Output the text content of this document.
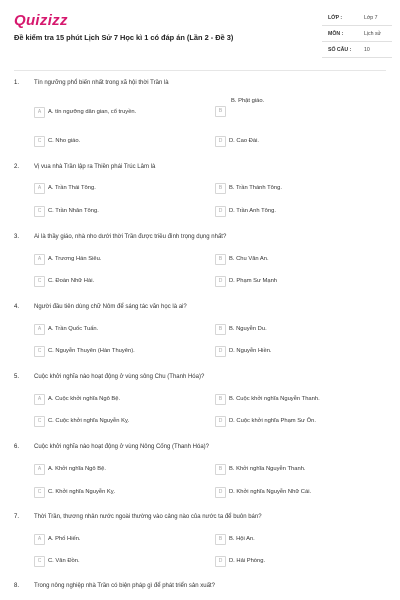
Quizizz
Đề kiểm tra 15 phút Lịch Sử 7 Học kì 1 có đáp án (Lần 2 - Đề 3)
LỚP :	Lớp 7
MÔN :	Lịch sử
SỐ CÂU : 10
1. Tín ngưỡng phổ biến nhất trong xã hội thời Trần là
A	A. tín ngưỡng dân gian, cổ truyền.	B
B. Phật giáo.
C	C. Nho giáo.	D	D. Cao Đài.
2. Vị vua nhà Trần lập ra Thiền phái Trúc Lâm là
A	A. Trần Thái Tông.	B	B. Trần Thánh Tông.
C	C. Trần Nhân Tông.	D	D. Trần Anh Tông.
3. Ai là thầy giáo, nhà nho dưới thời Trần được triều đình trọng dụng nhất?
A	A. Trương Hán Siêu.	B	B. Chu Văn An.
C	C. Đoàn Nhữ Hài.	D	D. Phạm Sư Mạnh
4. Người đầu tiên dùng chữ Nôm để sáng tác văn học là ai?
A	A. Trần Quốc Tuấn.	B	B. Nguyễn Du.
C	C. Nguyễn Thuyên (Hàn Thuyên).	D	D. Nguyễn Hiền.
5. Cuộc khởi nghĩa nào hoạt động ở vùng sông Chu (Thanh Hóa)?
A	A. Cuộc khởi nghĩa Ngô Bệ.	B	B. Cuộc khởi nghĩa Nguyễn Thanh.
C	C. Cuộc khởi nghĩa Nguyễn Kỵ.	D	D. Cuộc khởi nghĩa Phạm Sư Ôn.
6. Cuộc khởi nghĩa nào hoạt động ở vùng Nông Cống (Thanh Hóa)?
A	A. Khởi nghĩa Ngô Bệ.	B	B. Khởi nghĩa Nguyễn Thanh.
C	C. Khởi nghĩa Nguyễn Kỵ.	D	D. Khởi nghĩa Nguyễn Nhữ Cái.
7. Thời Trần, thương nhân nước ngoài thường vào cảng nào của nước ta để buôn bán?
A	A. Phố Hiến.	B	B. Hội An.
C	C. Vân Đồn.	D	D. Hải Phòng.
8. Trong nông nghiệp nhà Trần có biện pháp gì để phát triển sản xuất?
